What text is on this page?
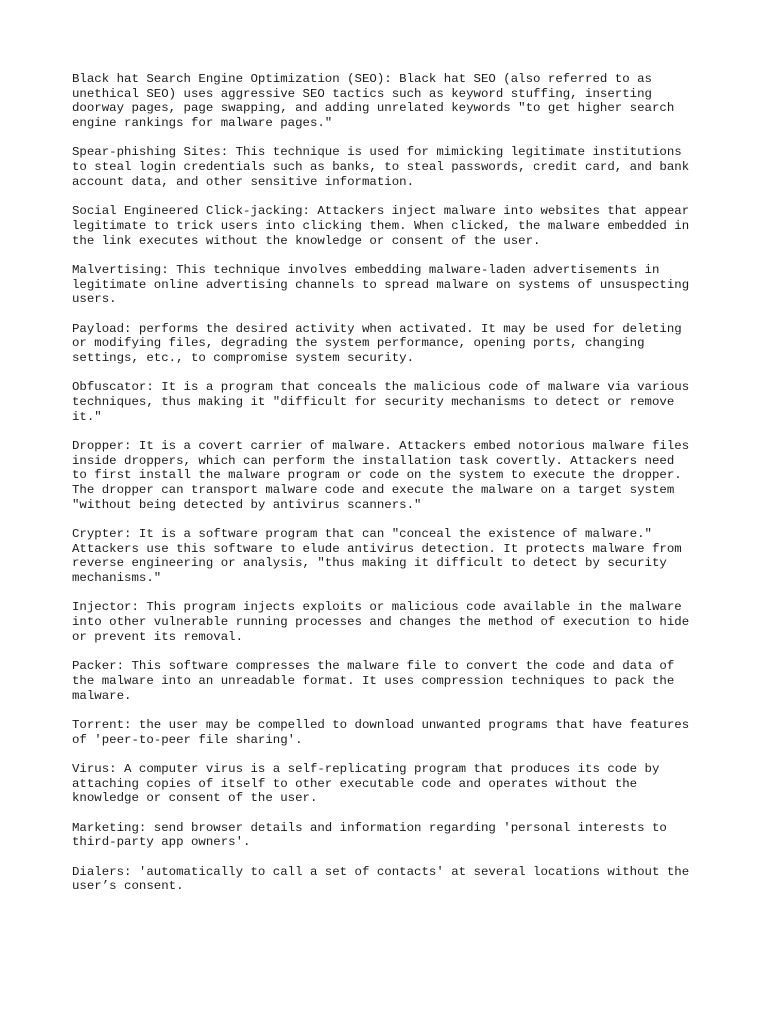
Black hat Search Engine Optimization (SEO): Black hat SEO (also referred to as
unethical SEO) uses aggressive SEO tactics such as keyword stuffing, inserting
doorway pages, page swapping, and adding unrelated keywords "to get higher search
engine rankings for malware pages."

Spear-phishing Sites: This technique is used for mimicking legitimate institutions
to steal login credentials such as banks, to steal passwords, credit card, and bank
account data, and other sensitive information.

Social Engineered Click-jacking: Attackers inject malware into websites that appear
legitimate to trick users into clicking them. When clicked, the malware embedded in
the link executes without the knowledge or consent of the user.

Malvertising: This technique involves embedding malware-laden advertisements in
legitimate online advertising channels to spread malware on systems of unsuspecting
users.

Payload: performs the desired activity when activated. It may be used for deleting
or modifying files, degrading the system performance, opening ports, changing
settings, etc., to compromise system security.

Obfuscator: It is a program that conceals the malicious code of malware via various
techniques, thus making it "difficult for security mechanisms to detect or remove
it."

Dropper: It is a covert carrier of malware. Attackers embed notorious malware files
inside droppers, which can perform the installation task covertly. Attackers need
to first install the malware program or code on the system to execute the dropper.
The dropper can transport malware code and execute the malware on a target system
"without being detected by antivirus scanners."

Crypter: It is a software program that can "conceal the existence of malware."
Attackers use this software to elude antivirus detection. It protects malware from
reverse engineering or analysis, "thus making it difficult to detect by security
mechanisms."

Injector: This program injects exploits or malicious code available in the malware
into other vulnerable running processes and changes the method of execution to hide
or prevent its removal.

Packer: This software compresses the malware file to convert the code and data of
the malware into an unreadable format. It uses compression techniques to pack the
malware.

Torrent: the user may be compelled to download unwanted programs that have features
of 'peer-to-peer file sharing'.

Virus: A computer virus is a self-replicating program that produces its code by
attaching copies of itself to other executable code and operates without the
knowledge or consent of the user.

Marketing: send browser details and information regarding 'personal interests to
third-party app owners'.

Dialers: 'automatically to call a set of contacts' at several locations without the
user’s consent.
